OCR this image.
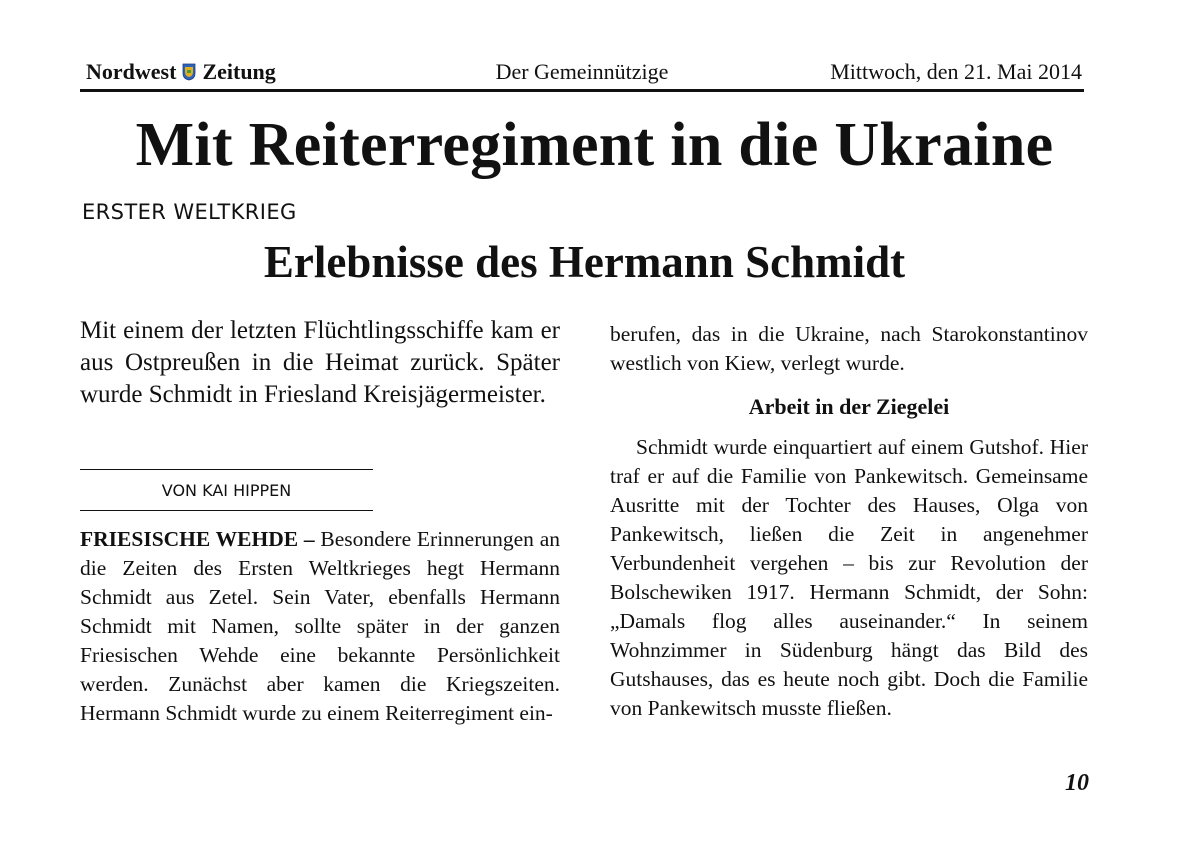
Nordwest Zeitung	Der Gemeinnützige	Mittwoch, den 21. Mai 2014
Mit Reiterregiment in die Ukraine
ERSTER WELTKRIEG
Erlebnisse des Hermann Schmidt
Mit einem der letzten Flüchtlingsschiffe kam er aus Ostpreußen in die Heimat zurück. Später wurde Schmidt in Friesland Kreisjägermeister.
VON KAI HIPPEN

FRIESISCHE WEHDE – Besondere Erinnerungen an die Zeiten des Ersten Weltkrieges hegt Hermann Schmidt aus Zetel. Sein Vater, ebenfalls Hermann Schmidt mit Namen, sollte später in der ganzen Friesischen Wehde eine bekannte Persönlichkeit werden. Zunächst aber kamen die Kriegszeiten. Hermann Schmidt wurde zu einem Reiterregiment ein-

berufen, das in die Ukraine, nach Starokonstantinov westlich von Kiew, verlegt wurde.
Arbeit in der Ziegelei
Schmidt wurde einquartiert auf einem Gutshof. Hier traf er auf die Familie von Pankewitsch. Gemeinsame Ausritte mit der Tochter des Hauses, Olga von Pankewitsch, ließen die Zeit in angenehmer Verbundenheit vergehen – bis zur Revolution der Bolschewiken 1917. Hermann Schmidt, der Sohn: „Damals flog alles auseinander.“ In seinem Wohnzimmer in Südenburg hängt das Bild des Gutshauses, das es heute noch gibt. Doch die Familie von Pankewitsch musste fließen.
10
